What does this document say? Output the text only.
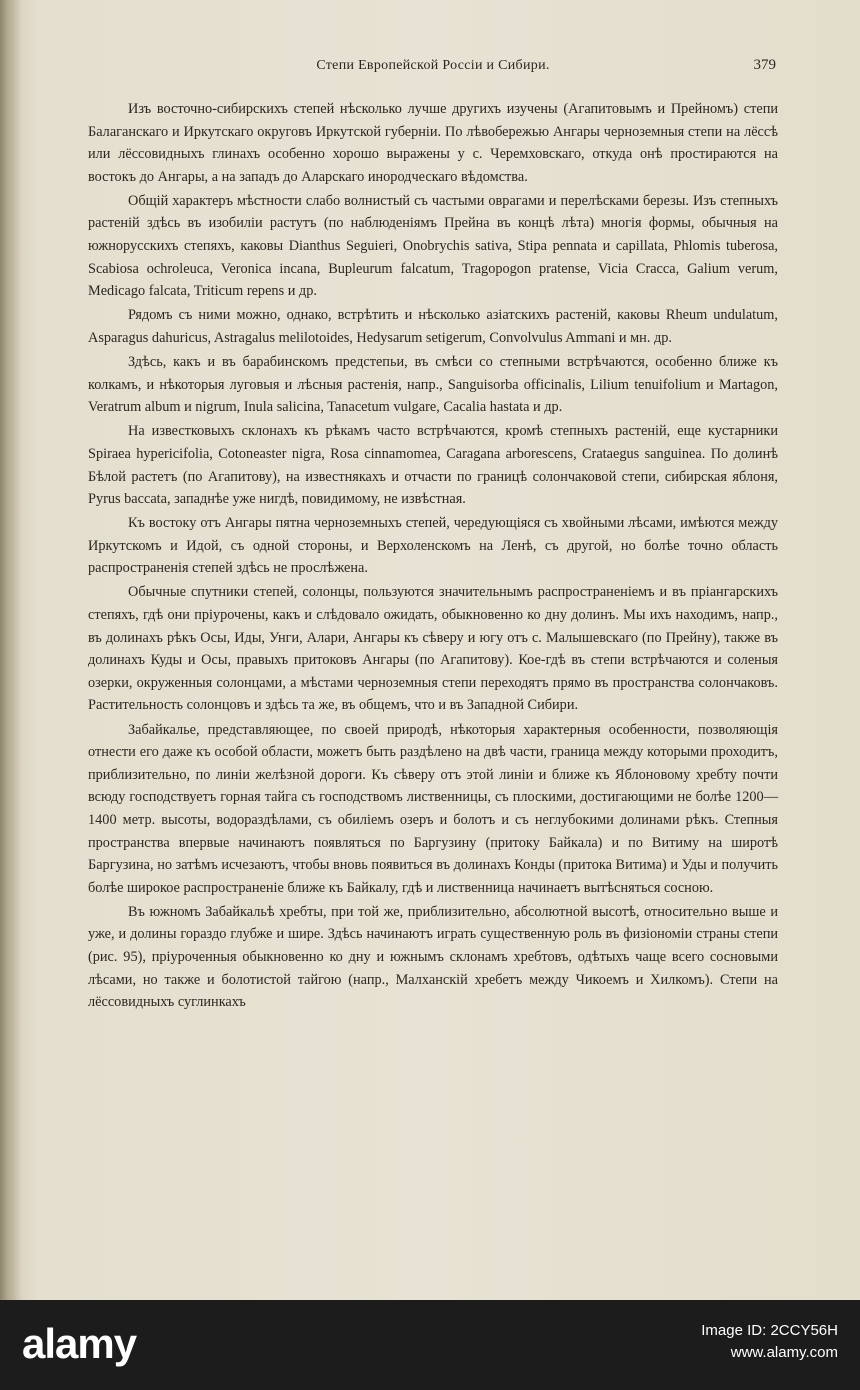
Степи Европейской Россіи и Сибири.	379

Изъ восточно-сибирскихъ степей нѣсколько лучше другихъ изучены (Агапитовымъ и Прейномъ) степи Балаганскаго и Иркутскаго округовъ Иркутской губерніи. По лѣвобережью Ангары черноземныя степи на лёссѣ или лёссовидныхъ глинахъ особенно хорошо выражены у с. Черемховскаго, откуда онѣ простираются на востокъ до Ангары, а на западъ до Аларскаго инородческаго вѣдомства.

Общій характеръ мѣстности слабо волнистый съ частыми оврагами и перелѣсками березы. Изъ степныхъ растеній здѣсь въ изобиліи растутъ (по наблюденіямъ Прейна въ концѣ лѣта) многія формы, обычныя на южнорусскихъ степяхъ, каковы Dianthus Seguieri, Onobrychis sativa, Stipa pennata и capillata, Phlomis tuberosa, Scabiosa ochroleuca, Veronica incana, Bupleurum falcatum, Tragopogon pratense, Vicia Cracca, Galium verum, Medicago falcata, Triticum repens и др.

Рядомъ съ ними можно, однако, встрѣтить и нѣсколько азіатскихъ растеній, каковы Rheum undulatum, Asparagus dahuricus, Astragalus melilotoides, Hedysarum setigerum, Convolvulus Ammani и мн. др.

Здѣсь, какъ и въ барабинскомъ предстепьи, въ смѣси со степными встрѣчаются, особенно ближе къ колкамъ, и нѣкоторыя луговыя и лѣсныя растенія, напр., Sanguisorba officinalis, Lilium tenuifolium и Martagon, Veratrum album и nigrum, Inula salicina, Tanacetum vulgare, Cacalia hastata и др.

На известковыхъ склонахъ къ рѣкамъ часто встрѣчаются, кромѣ степныхъ растеній, еще кустарники Spiraea hypericifolia, Cotoneaster nigra, Rosa cinnamomea, Caragana arborescens, Crataegus sanguinea. По долинѣ Бѣлой растетъ (по Агапитову), на известнякахъ и отчасти по границѣ солончаковой степи, сибирская яблоня, Pyrus baccata, западнѣе уже нигдѣ, повидимому, не извѣстная.

Къ востоку отъ Ангары пятна черноземныхъ степей, чередующіяся съ хвойными лѣсами, имѣются между Иркутскомъ и Идой, съ одной стороны, и Верхоленскомъ на Ленѣ, съ другой, но болѣе точно область распространенія степей здѣсь не прослѣжена.

Обычные спутники степей, солонцы, пользуются значительнымъ распространеніемъ и въ пріангарскихъ степяхъ, гдѣ они пріурочены, какъ и слѣдовало ожидать, обыкновенно ко дну долинъ. Мы ихъ находимъ, напр., въ долинахъ рѣкъ Осы, Иды, Унги, Алари, Ангары къ сѣверу и югу отъ с. Малышевскаго (по Прейну), также въ долинахъ Куды и Осы, правыхъ притоковъ Ангары (по Агапитову). Кое-гдѣ въ степи встрѣчаются и соленыя озерки, окруженныя солонцами, а мѣстами черноземныя степи переходятъ прямо въ пространства солончаковъ. Растительность солонцовъ и здѣсь та же, въ общемъ, что и въ Западной Сибири.

Забайкалье, представляющее, по своей природѣ, нѣкоторыя характерныя особенности, позволяющія отнести его даже къ особой области, можетъ быть раздѣлено на двѣ части, граница между которыми проходитъ, приблизительно, по линіи желѣзной дороги. Къ сѣверу отъ этой линіи и ближе къ Яблоновому хребту почти всюду господствуетъ горная тайга съ господствомъ лиственницы, съ плоскими, достигающими не болѣе 1200—1400 метр. высоты, водораздѣлами, съ обиліемъ озеръ и болотъ и съ неглубокими долинами рѣкъ. Степныя пространства впервые начинаютъ появляться по Баргузину (притоку Байкала) и по Витиму на широтѣ Баргузина, но затѣмъ исчезаютъ, чтобы вновь появиться въ долинахъ Конды (притока Витима) и Уды и получить болѣе широкое распространеніе ближе къ Байкалу, гдѣ и лиственница начинаетъ вытѣсняться сосною.

Въ южномъ Забайкальѣ хребты, при той же, приблизительно, абсолютной высотѣ, относительно выше и уже, и долины гораздо глубже и шире. Здѣсь начинаютъ играть существенную роль въ физіономіи страны степи (рис. 95), пріуроченныя обыкновенно ко дну и южнымъ склонамъ хребтовъ, одѣтыхъ чаще всего сосновыми лѣсами, но также и болотистой тайгою (напр., Малханскій хребетъ между Чикоемъ и Хилкомъ). Степи на лёссовидныхъ суглинкахъ

alamy	Image ID: 2CCY56H
www.alamy.com
